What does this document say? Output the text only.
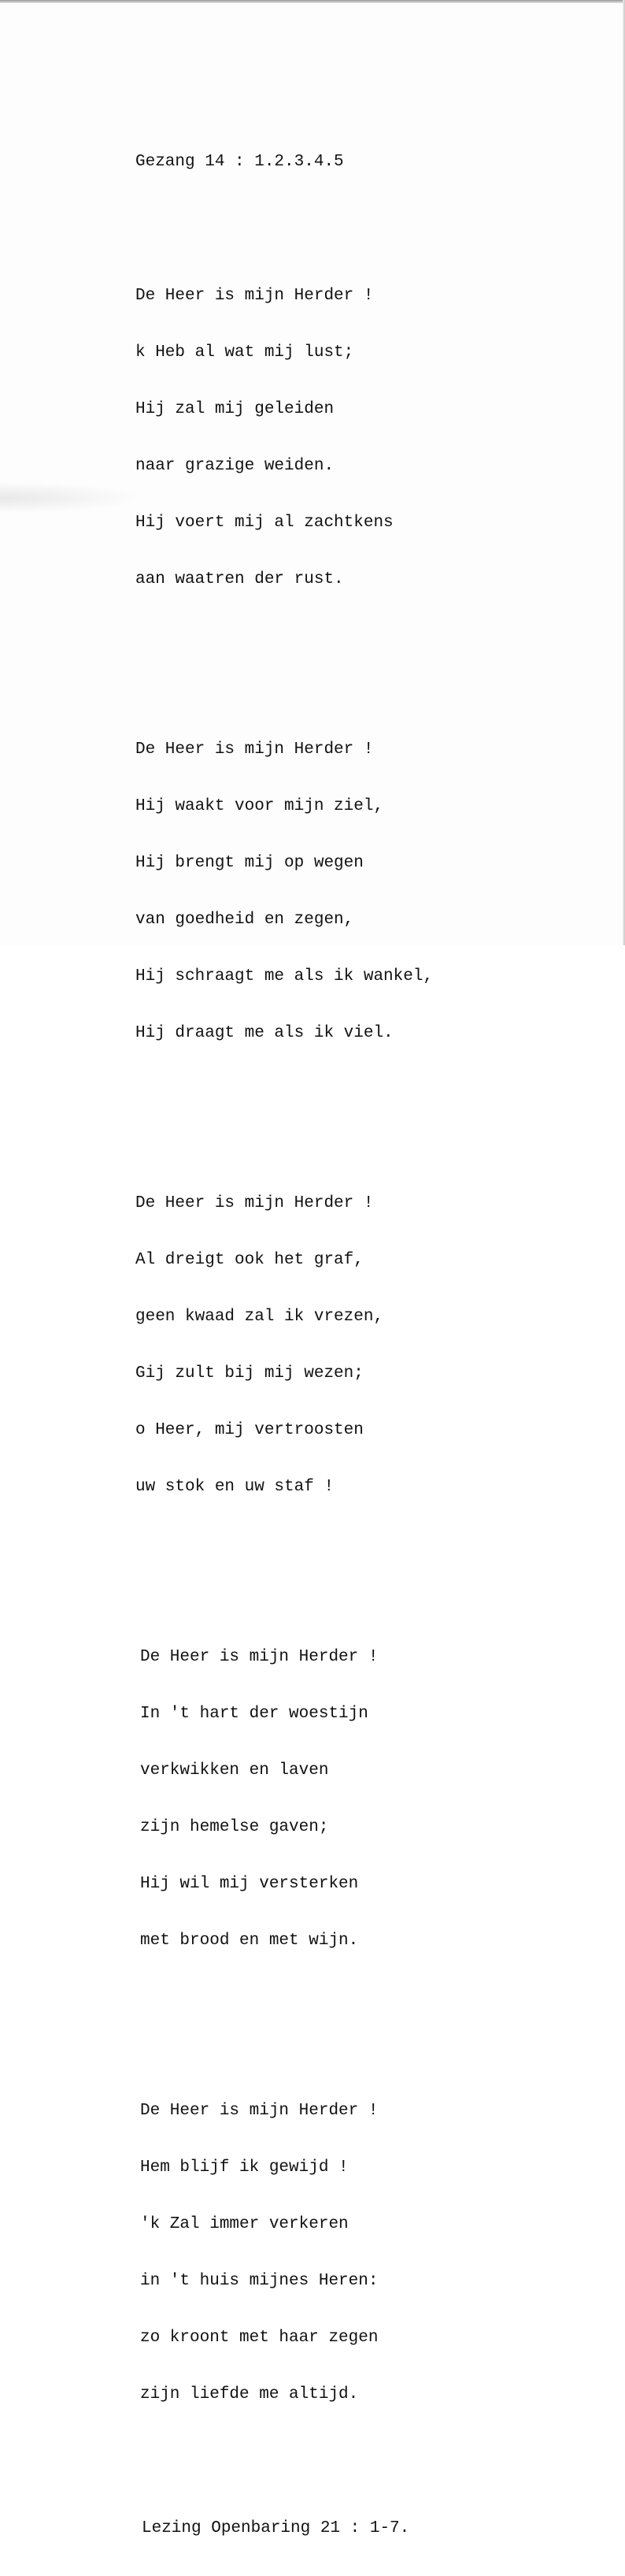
Gezang 14 : 1.2.3.4.5

De Heer is mijn Herder !

k Heb al wat mij lust;

Hij zal mij geleiden

naar grazige weiden.

Hij voert mij al zachtkens

aan waatren der rust.

De Heer is mijn Herder !

Hij waakt voor mijn ziel,

Hij brengt mij op wegen

van goedheid en zegen,

Hij schraagt me als ik wankel,

Hij draagt me als ik viel.

De Heer is mijn Herder !

Al dreigt ook het graf,

geen kwaad zal ik vrezen,

Gij zult bij mij wezen;

o Heer, mij vertroosten

uw stok en uw staf !

De Heer is mijn Herder !

In 't hart der woestijn

verkwikken en laven

zijn hemelse gaven;

Hij wil mij versterken

met brood en met wijn.

De Heer is mijn Herder !

Hem blijf ik gewijd !

'k Zal immer verkeren

in 't huis mijnes Heren:

zo kroont met haar zegen

zijn liefde me altijd.

Lezing Openbaring 21 : 1-7.
